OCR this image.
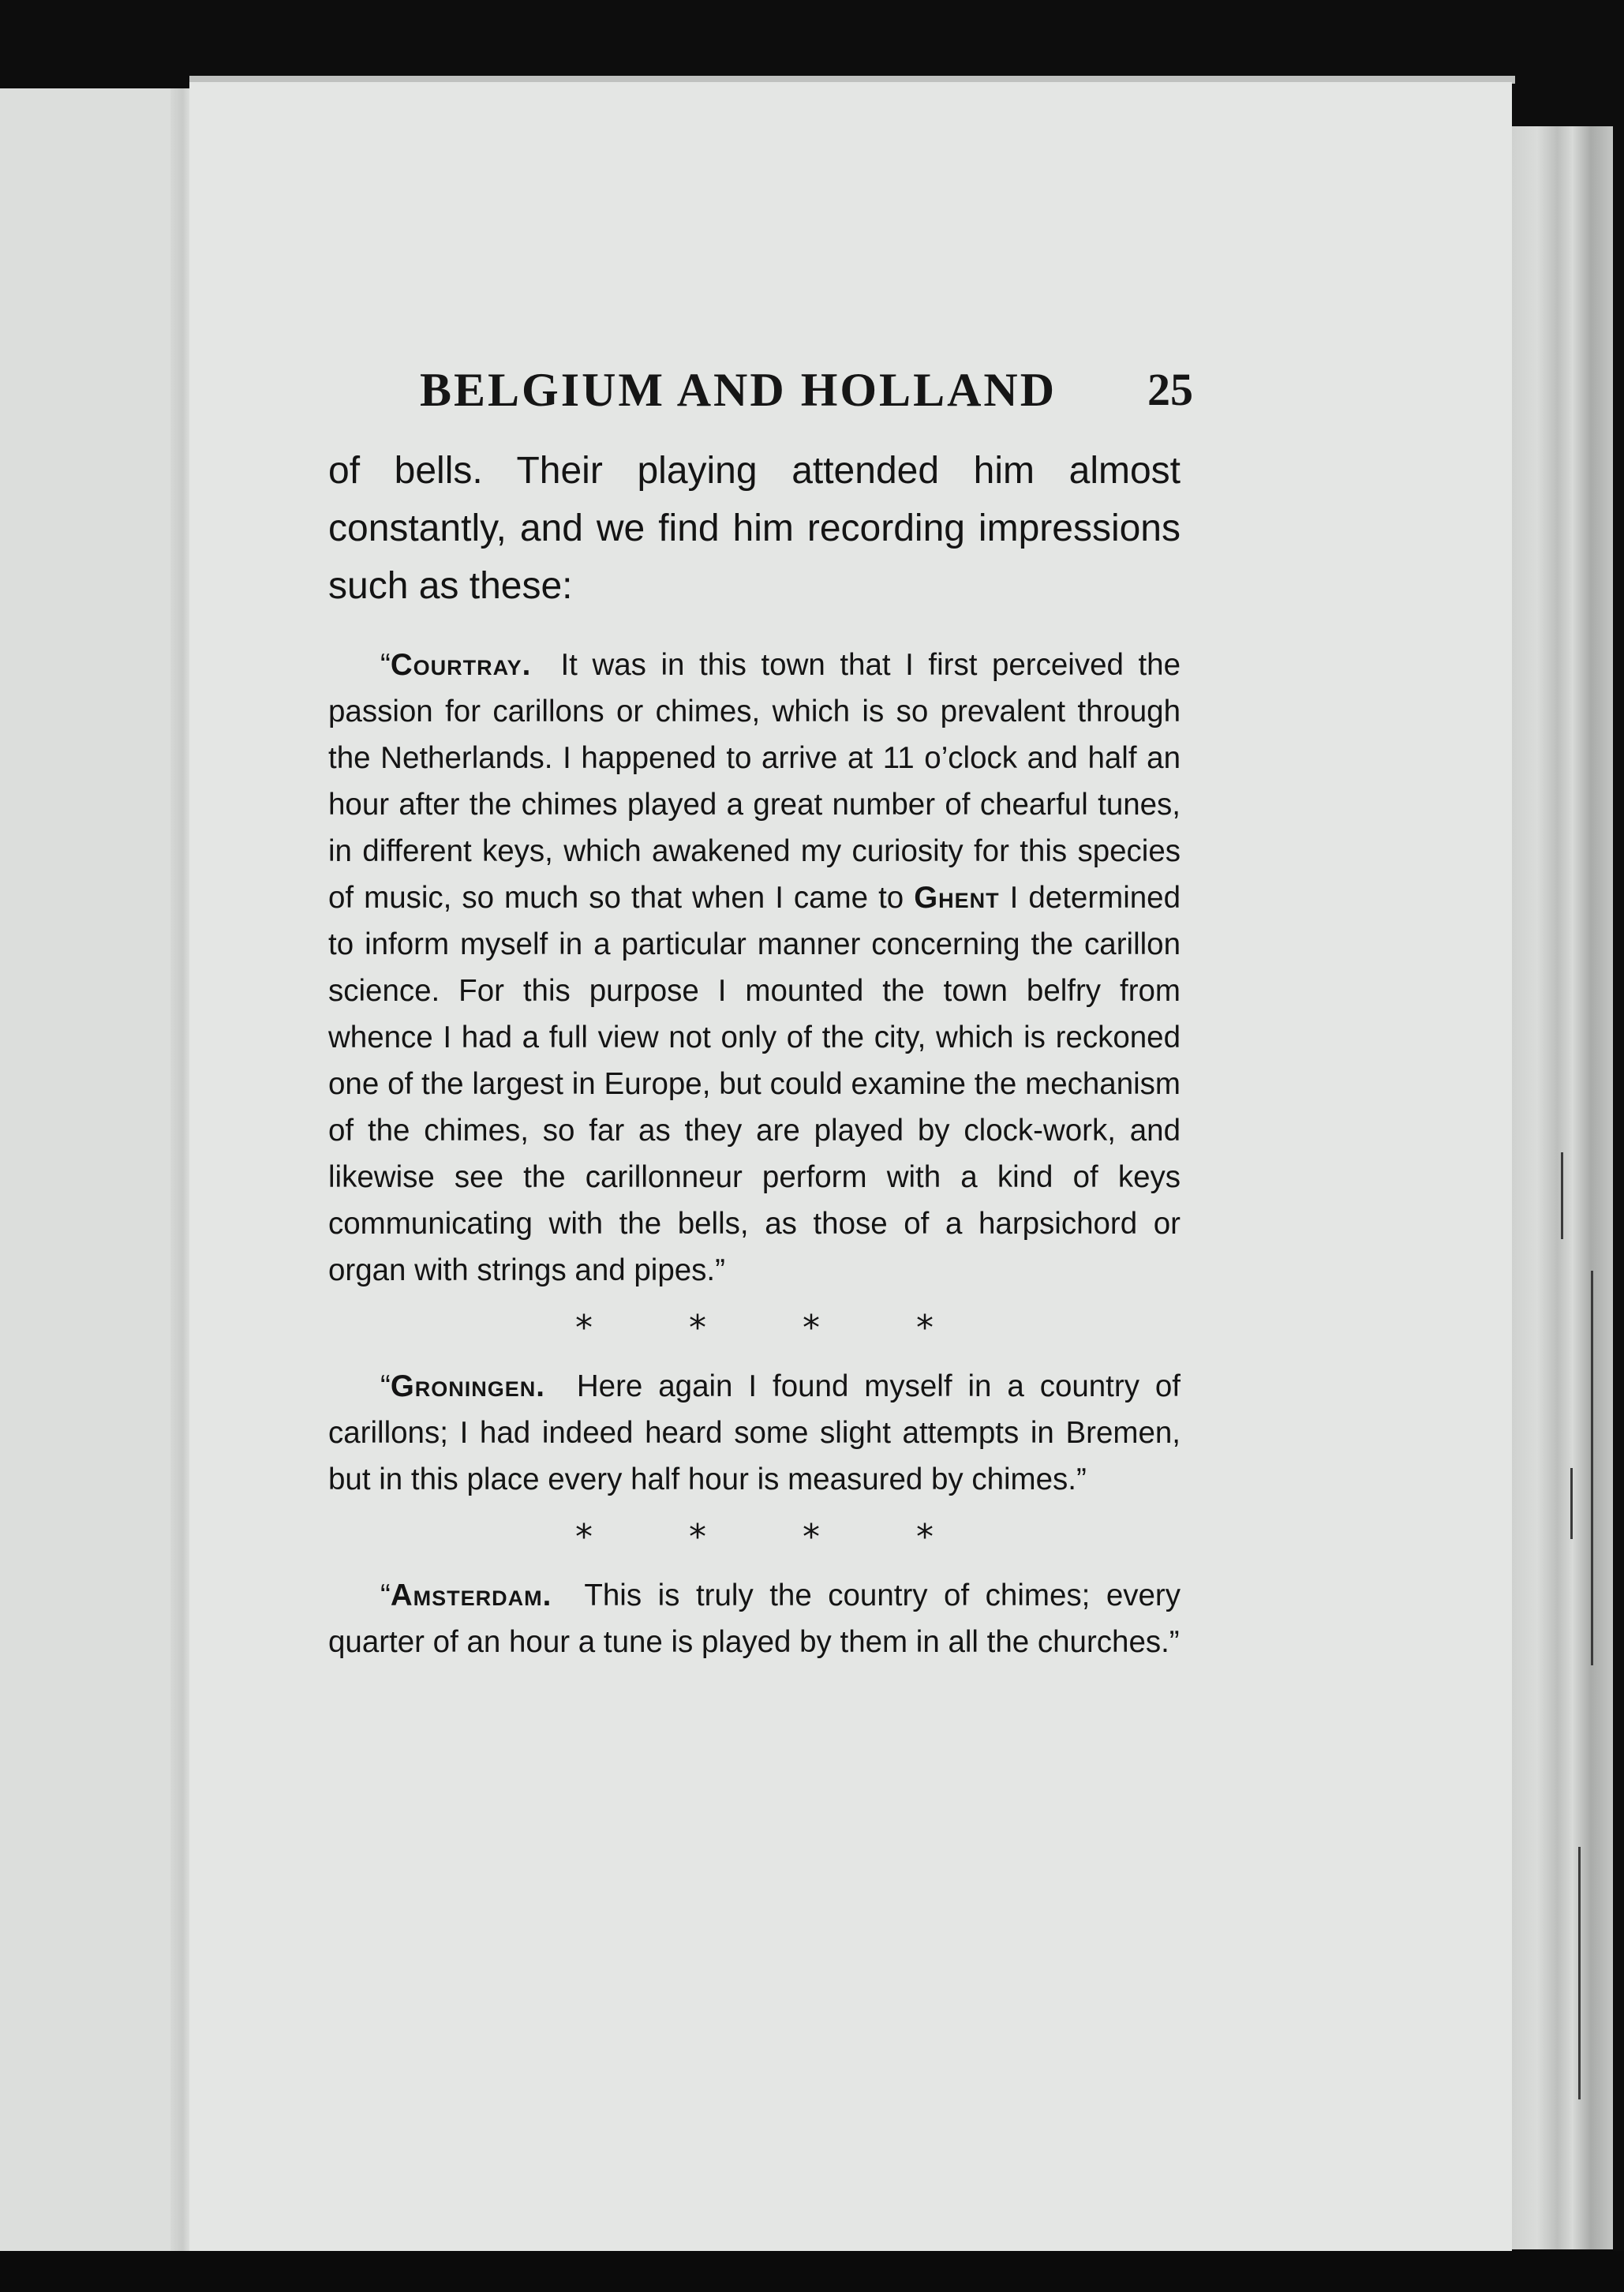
BELGIUM AND HOLLAND 25

of bells. Their playing attended him almost constantly, and we find him recording impressions such as these:

“Courtray. It was in this town that I first perceived the passion for carillons or chimes, which is so prevalent through the Netherlands. I happened to arrive at 11 o’clock and half an hour after the chimes played a great number of chearful tunes, in different keys, which awakened my curiosity for this species of music, so much so that when I came to Ghent I determined to inform myself in a particular manner concerning the carillon science. For this purpose I mounted the town belfry from whence I had a full view not only of the city, which is reckoned one of the largest in Europe, but could examine the mechanism of the chimes, so far as they are played by clock-work, and likewise see the carillonneur perform with a kind of keys communicating with the bells, as those of a harpsichord or organ with strings and pipes.”

* * * *

“Groningen. Here again I found myself in a country of carillons; I had indeed heard some slight attempts in Bremen, but in this place every half hour is measured by chimes.”

* * * *

“Amsterdam. This is truly the country of chimes; every quarter of an hour a tune is played by them in all the churches.”
